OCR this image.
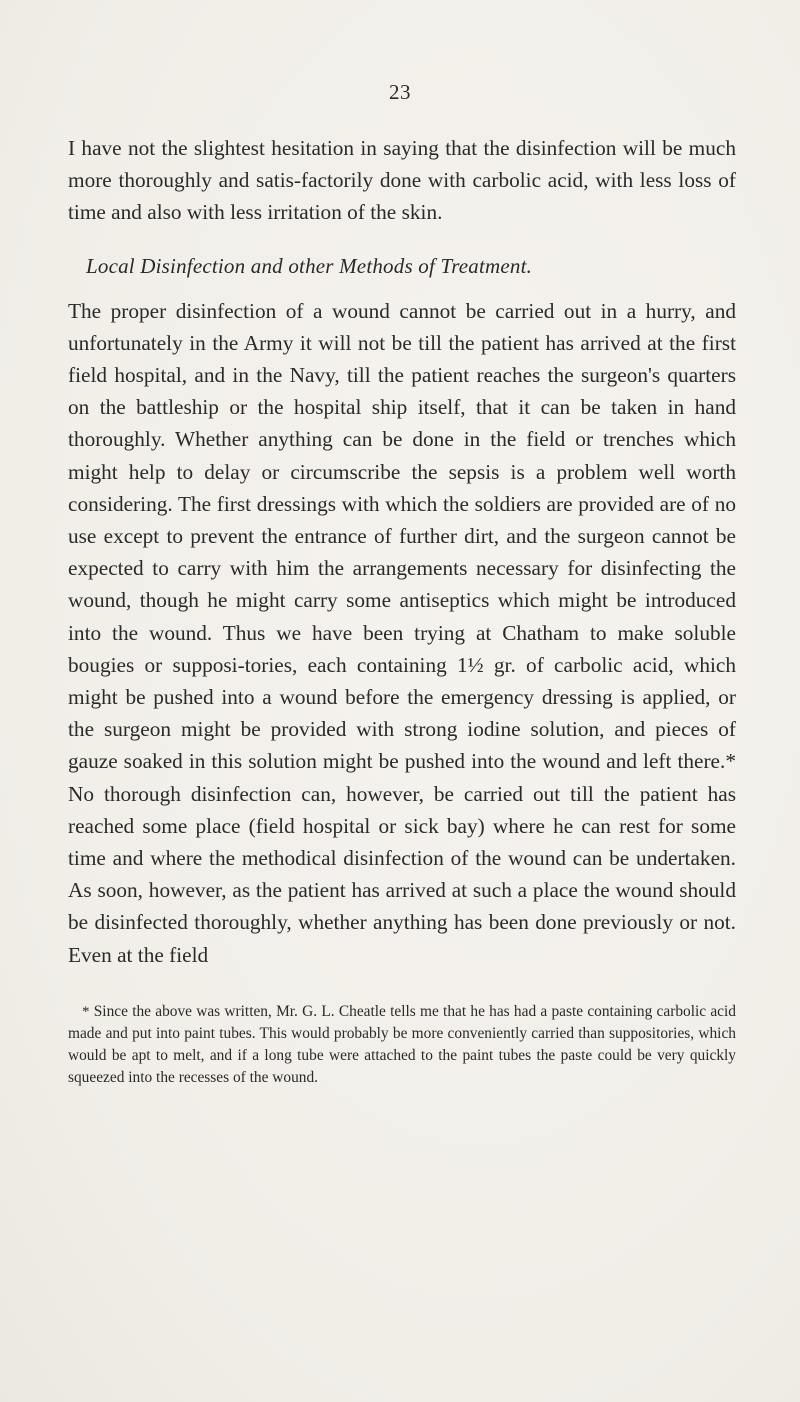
23

I have not the slightest hesitation in saying that the disinfection will be much more thoroughly and satis-factorily done with carbolic acid, with less loss of time and also with less irritation of the skin.

Local Disinfection and other Methods of Treatment.

The proper disinfection of a wound cannot be carried out in a hurry, and unfortunately in the Army it will not be till the patient has arrived at the first field hospital, and in the Navy, till the patient reaches the surgeon's quarters on the battleship or the hospital ship itself, that it can be taken in hand thoroughly. Whether anything can be done in the field or trenches which might help to delay or circumscribe the sepsis is a problem well worth considering. The first dressings with which the soldiers are provided are of no use except to prevent the entrance of further dirt, and the surgeon cannot be expected to carry with him the arrangements necessary for disinfecting the wound, though he might carry some antiseptics which might be introduced into the wound. Thus we have been trying at Chatham to make soluble bougies or supposi-tories, each containing 1½ gr. of carbolic acid, which might be pushed into a wound before the emergency dressing is applied, or the surgeon might be provided with strong iodine solution, and pieces of gauze soaked in this solution might be pushed into the wound and left there.* No thorough disinfection can, however, be carried out till the patient has reached some place (field hospital or sick bay) where he can rest for some time and where the methodical disinfection of the wound can be undertaken. As soon, however, as the patient has arrived at such a place the wound should be disinfected thoroughly, whether anything has been done previously or not. Even at the field

* Since the above was written, Mr. G. L. Cheatle tells me that he has had a paste containing carbolic acid made and put into paint tubes. This would probably be more conveniently carried than suppositories, which would be apt to melt, and if a long tube were attached to the paint tubes the paste could be very quickly squeezed into the recesses of the wound.
